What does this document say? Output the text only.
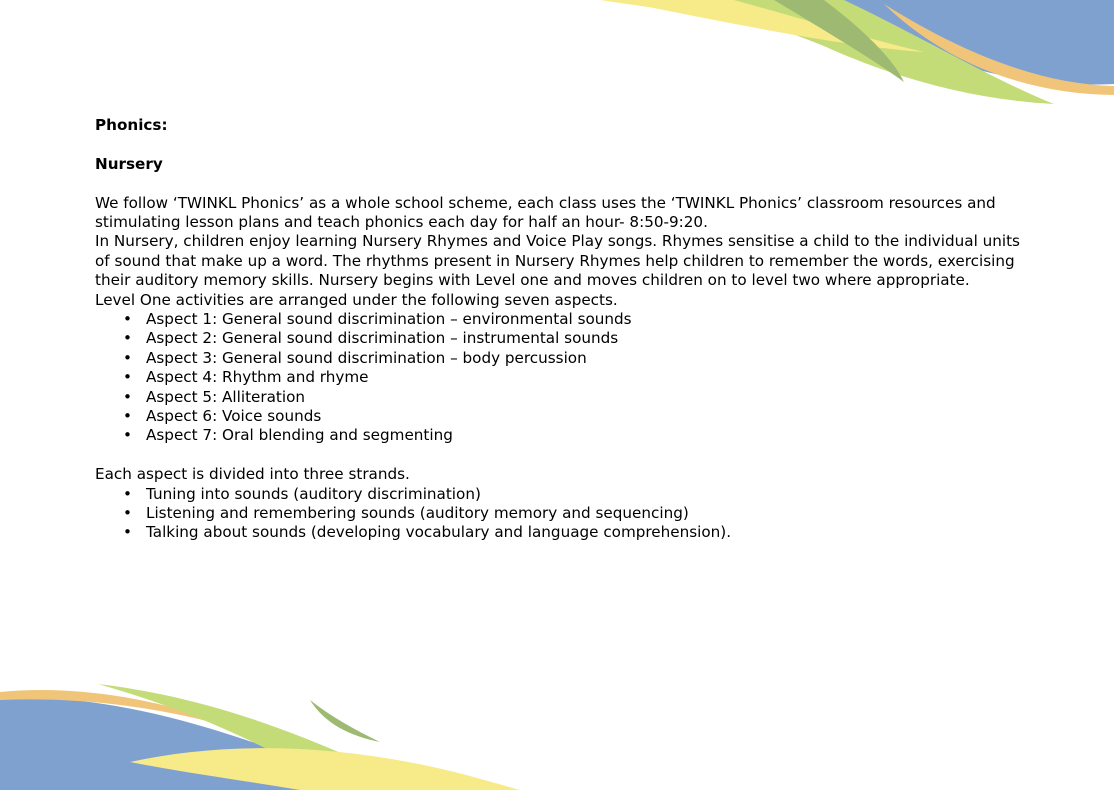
Phonics:

Nursery

We follow ‘TWINKL Phonics’ as a whole school scheme, each class uses the ‘TWINKL Phonics’ classroom resources and stimulating lesson plans and teach phonics each day for half an hour- 8:50-9:20.

In Nursery, children enjoy learning Nursery Rhymes and Voice Play songs. Rhymes sensitise a child to the individual units of sound that make up a word. The rhythms present in Nursery Rhymes help children to remember the words, exercising their auditory memory skills. Nursery begins with Level one and moves children on to level two where appropriate.

Level One activities are arranged under the following seven aspects.

• Aspect 1: General sound discrimination – environmental sounds
• Aspect 2: General sound discrimination – instrumental sounds
• Aspect 3: General sound discrimination – body percussion
• Aspect 4: Rhythm and rhyme
• Aspect 5: Alliteration
• Aspect 6: Voice sounds
• Aspect 7: Oral blending and segmenting

Each aspect is divided into three strands.

• Tuning into sounds (auditory discrimination)
• Listening and remembering sounds (auditory memory and sequencing)
• Talking about sounds (developing vocabulary and language comprehension).
